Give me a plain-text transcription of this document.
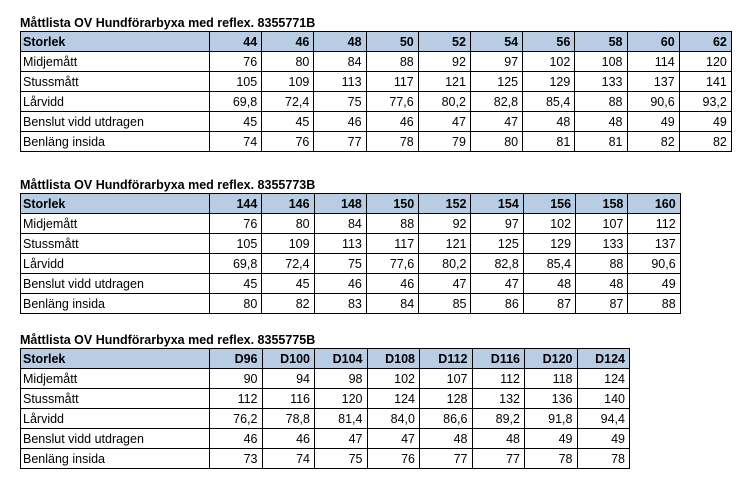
Måttlista OV Hundförarbyxa med reflex. 8355771B
Storlek	44	46	48	50	52	54	56	58	60	62
Midjemått	76	80	84	88	92	97	102	108	114	120
Stussmått	105	109	113	117	121	125	129	133	137	141
Lårvidd	69,8	72,4	75	77,6	80,2	82,8	85,4	88	90,6	93,2
Benslut vidd utdragen	45	45	46	46	47	47	48	48	49	49
Benläng insida	74	76	77	78	79	80	81	81	82	82
Måttlista OV Hundförarbyxa med reflex. 8355773B
Storlek	144	146	148	150	152	154	156	158	160
Midjemått	76	80	84	88	92	97	102	107	112
Stussmått	105	109	113	117	121	125	129	133	137
Lårvidd	69,8	72,4	75	77,6	80,2	82,8	85,4	88	90,6
Benslut vidd utdragen	45	45	46	46	47	47	48	48	49
Benläng insida	80	82	83	84	85	86	87	87	88
Måttlista OV Hundförarbyxa med reflex. 8355775B
Storlek	D96	D100	D104	D108	D112	D116	D120	D124
Midjemått	90	94	98	102	107	112	118	124
Stussmått	112	116	120	124	128	132	136	140
Lårvidd	76,2	78,8	81,4	84,0	86,6	89,2	91,8	94,4
Benslut vidd utdragen	46	46	47	47	48	48	49	49
Benläng insida	73	74	75	76	77	77	78	78
